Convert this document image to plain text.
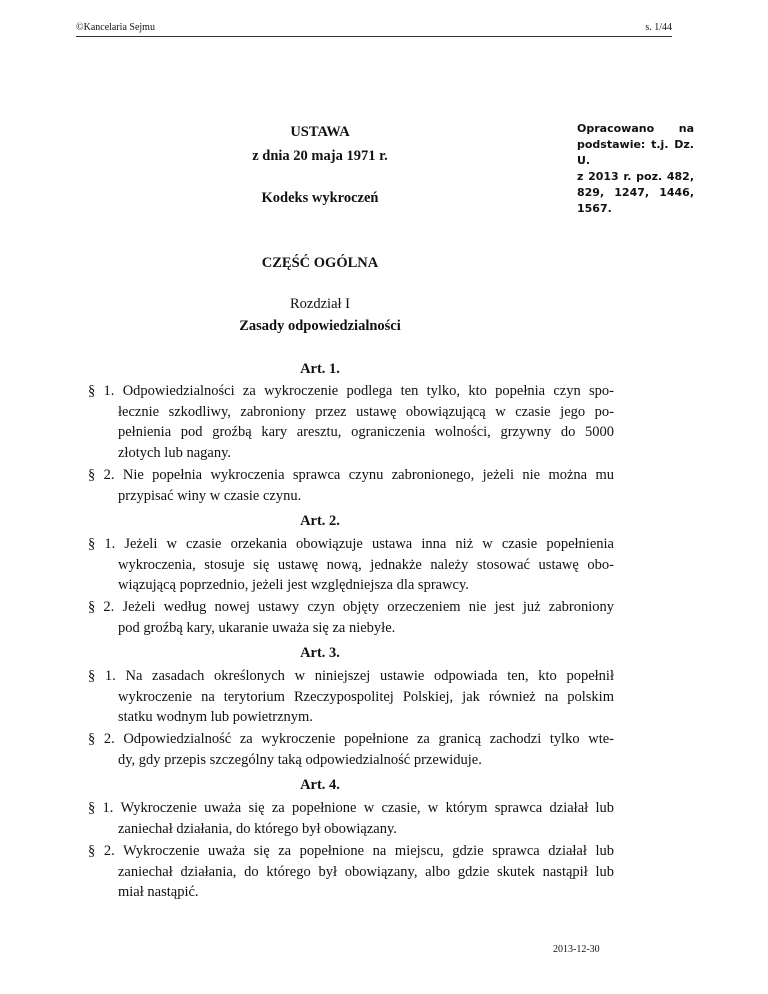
©Kancelaria Sejmu	s. 1/44
USTAWA
z dnia 20 maja 1971 r.
Kodeks wykroczeń
Opracowano na
podstawie: t.j. Dz. U.
z 2013 r. poz. 482,
829, 1247, 1446,
1567.
CZĘŚĆ OGÓLNA
Rozdział I
Zasady odpowiedzialności
Art. 1.
§ 1. Odpowiedzialności za wykroczenie podlega ten tylko, kto popełnia czyn spo-
łecznie szkodliwy, zabroniony przez ustawę obowiązującą w czasie jego po-
pełnienia pod groźbą kary aresztu, ograniczenia wolności, grzywny do 5000
złotych lub nagany.
§ 2. Nie popełnia wykroczenia sprawca czynu zabronionego, jeżeli nie można mu
przypisać winy w czasie czynu.
Art. 2.
§ 1. Jeżeli w czasie orzekania obowiązuje ustawa inna niż w czasie popełnienia
wykroczenia, stosuje się ustawę nową, jednakże należy stosować ustawę obo-
wiązującą poprzednio, jeżeli jest względniejsza dla sprawcy.
§ 2. Jeżeli według nowej ustawy czyn objęty orzeczeniem nie jest już zabroniony
pod groźbą kary, ukaranie uważa się za niebyłe.
Art. 3.
§ 1. Na zasadach określonych w niniejszej ustawie odpowiada ten, kto popełnił
wykroczenie na terytorium Rzeczypospolitej Polskiej, jak również na polskim
statku wodnym lub powietrznym.
§ 2. Odpowiedzialność za wykroczenie popełnione za granicą zachodzi tylko wte-
dy, gdy przepis szczególny taką odpowiedzialność przewiduje.
Art. 4.
§ 1. Wykroczenie uważa się za popełnione w czasie, w którym sprawca działał lub
zaniechał działania, do którego był obowiązany.
§ 2. Wykroczenie uważa się za popełnione na miejscu, gdzie sprawca działał lub
zaniechał działania, do którego był obowiązany, albo gdzie skutek nastąpił lub
miał nastąpić.
2013-12-30
